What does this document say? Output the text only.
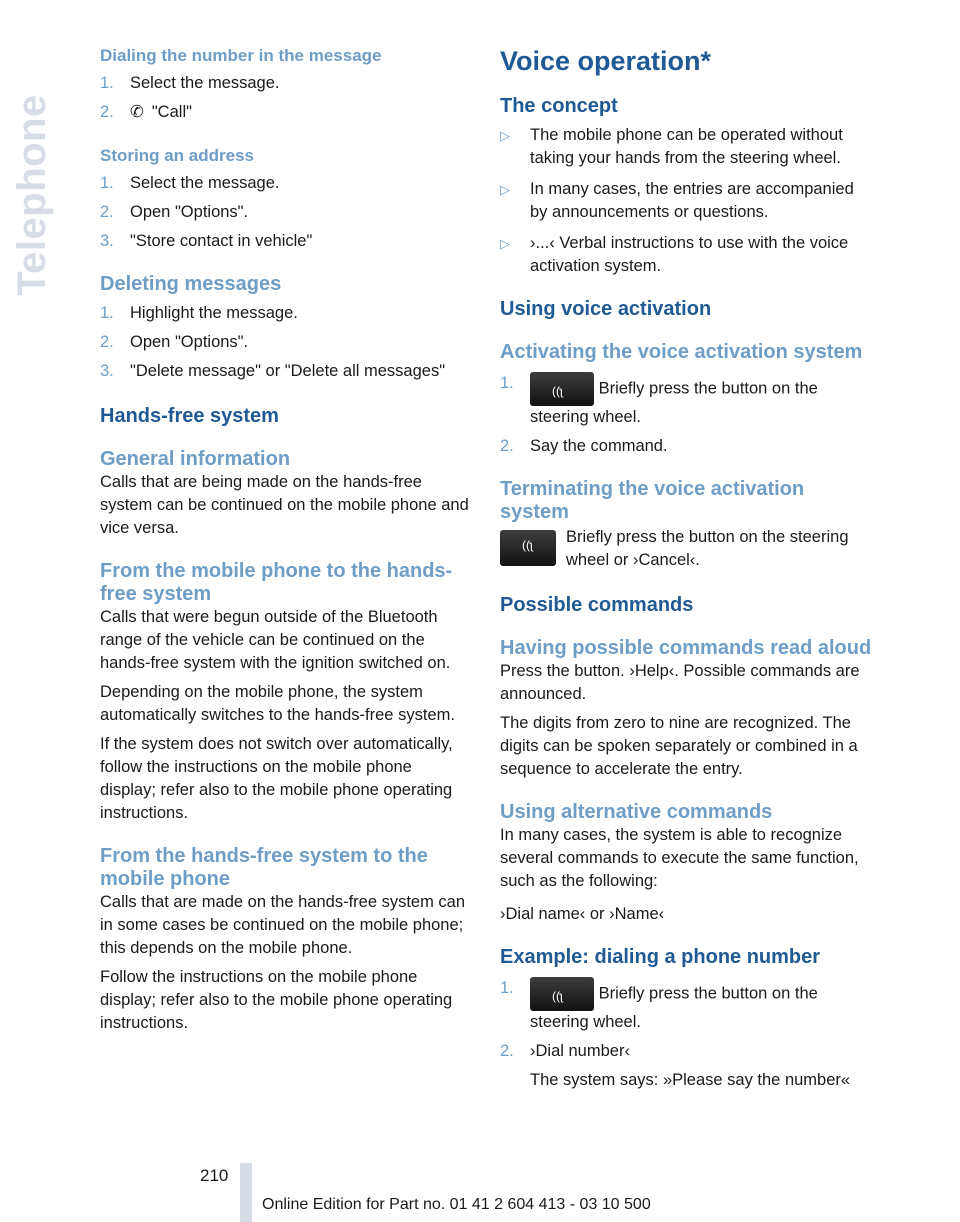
Telephone

Dialing the number in the message

1. Select the message.
2. ✆ "Call"

Storing an address

1. Select the message.
2. Open "Options".
3. "Store contact in vehicle"

Deleting messages

1. Highlight the message.
2. Open "Options".
3. "Delete message" or "Delete all messages"

Hands-free system

General information

Calls that are being made on the hands-free system can be continued on the mobile phone and vice versa.

From the mobile phone to the hands-free system

Calls that were begun outside of the Bluetooth range of the vehicle can be continued on the hands-free system with the ignition switched on.

Depending on the mobile phone, the system automatically switches to the hands-free system.

If the system does not switch over automatically, follow the instructions on the mobile phone display; refer also to the mobile phone operating instructions.

From the hands-free system to the mobile phone

Calls that are made on the hands-free system can in some cases be continued on the mobile phone; this depends on the mobile phone.

Follow the instructions on the mobile phone display; refer also to the mobile phone operating instructions.

Voice operation*

The concept

▷	The mobile phone can be operated without taking your hands from the steering wheel.
▷	In many cases, the entries are accompanied by announcements or questions.
▷	›...‹ Verbal instructions to use with the voice activation system.

Using voice activation

Activating the voice activation system

1.	((ʅ Briefly press the button on the steering wheel.
2. Say the command.

Terminating the voice activation system

((ʅ Briefly press the button on the steering wheel or ›Cancel‹.

Possible commands

Having possible commands read aloud

Press the button. ›Help‹. Possible commands are announced.

The digits from zero to nine are recognized. The digits can be spoken separately or combined in a sequence to accelerate the entry.

Using alternative commands

In many cases, the system is able to recognize several commands to execute the same function, such as the following:

›Dial name‹ or ›Name‹

Example: dialing a phone number

1.	((ʅ Briefly press the button on the steering wheel.
2. ›Dial number‹
The system says: »Please say the number«
210
Online Edition for Part no. 01 41 2 604 413 - 03 10 500
